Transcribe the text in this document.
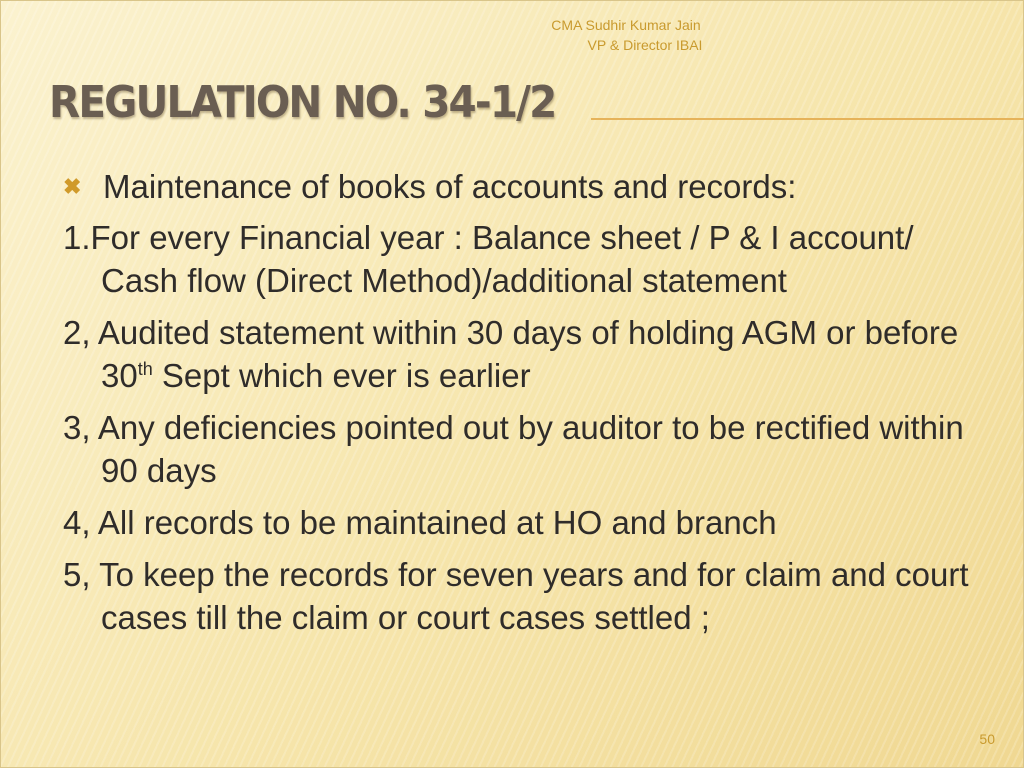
CMA Sudhir Kumar Jain
VP & Director IBAI
REGULATION NO. 34-1/2
✖ Maintenance of books of accounts and records:
1.For every Financial year : Balance sheet / P & I account/ Cash flow (Direct Method)/additional statement
2, Audited statement within 30 days of holding AGM or before 30th Sept which ever is earlier
3, Any deficiencies pointed out by auditor to be rectified within 90 days
4, All records to be maintained at HO and branch
5, To keep the records for seven years and for claim and court cases till the claim or court cases settled ;
50
